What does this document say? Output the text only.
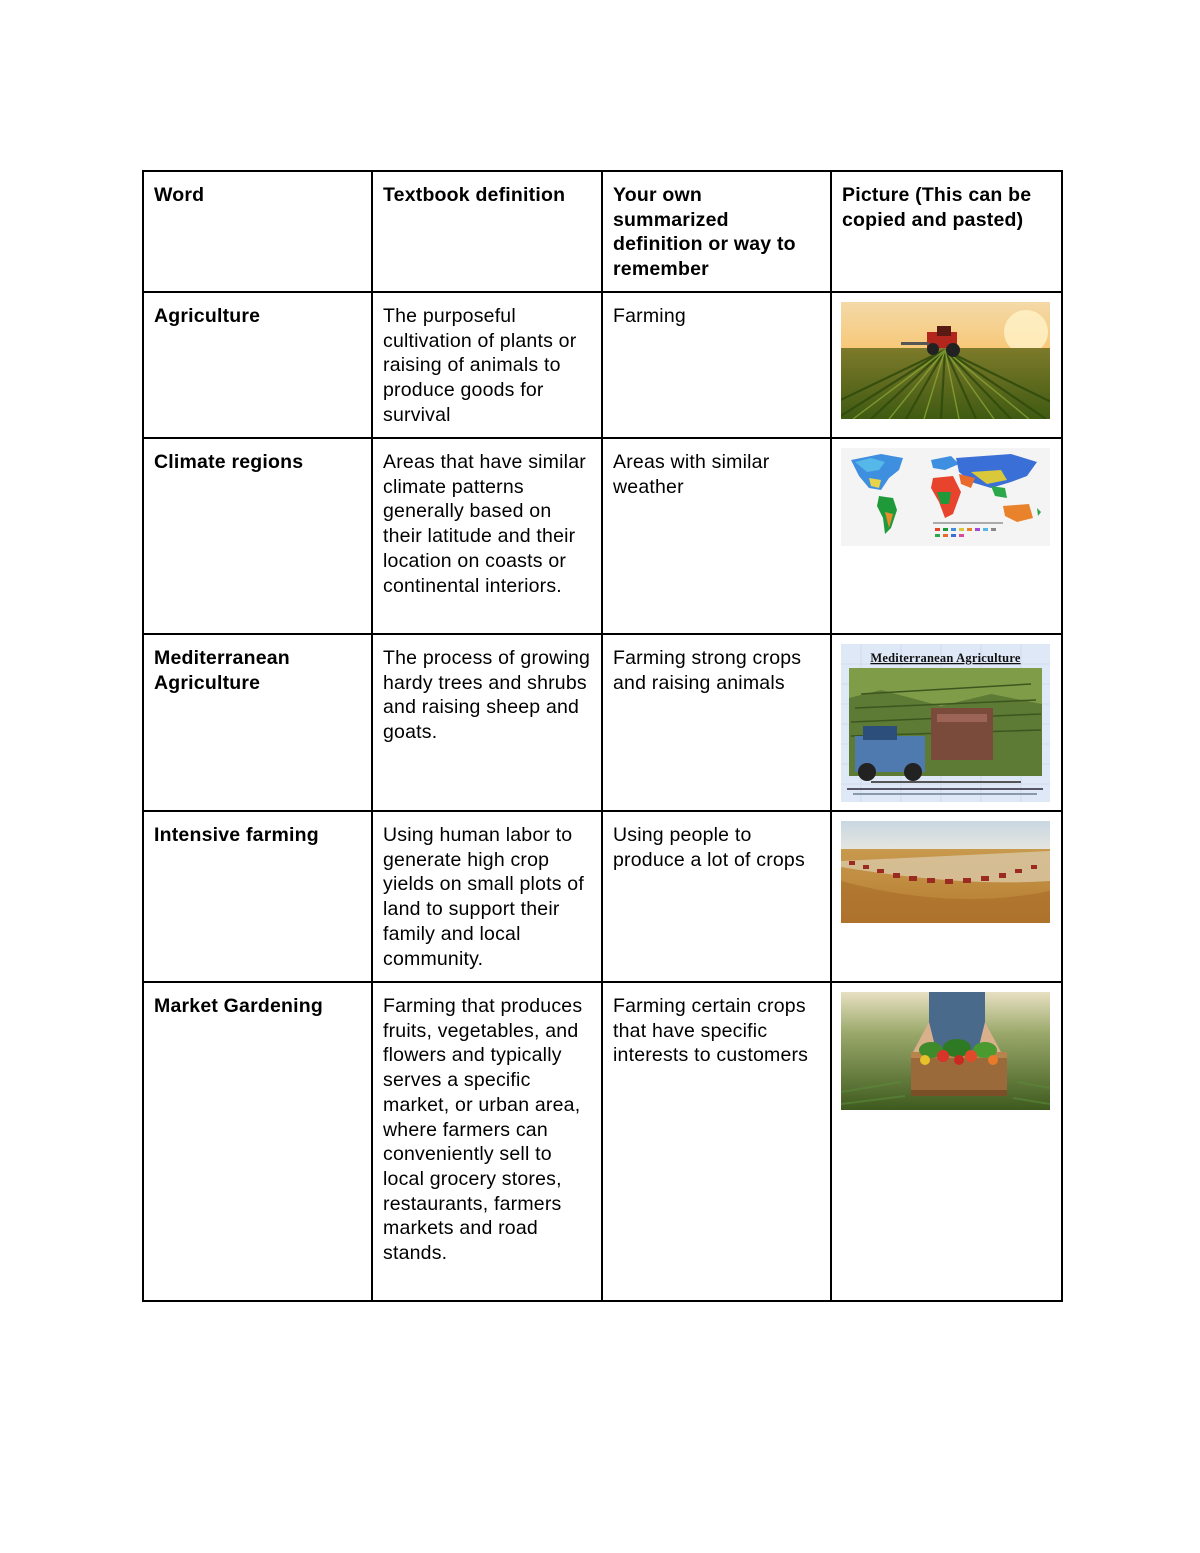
Word	Textbook definition	Your own summarized definition or way to remember	Picture (This can be copied and pasted)
Agriculture	The purposeful cultivation of plants or raising of animals to produce goods for survival	Farming	

Climate regions	Areas that have similar climate patterns generally based on their latitude and their location on coasts or continental interiors.	Areas with similar weather	

Mediterranean Agriculture	The process of growing hardy trees and shrubs and raising sheep and goats.	Farming strong crops and raising animals	Mediterranean Agriculture

Intensive farming	Using human labor to generate high crop yields on small plots of land to support their family and local community.	Using people to produce a lot of crops	

Market Gardening	Farming that produces fruits, vegetables, and flowers and typically serves a specific market, or urban area, where farmers can conveniently sell to local grocery stores, restaurants, farmers markets and road stands.	Farming certain crops that have specific interests to customers	
